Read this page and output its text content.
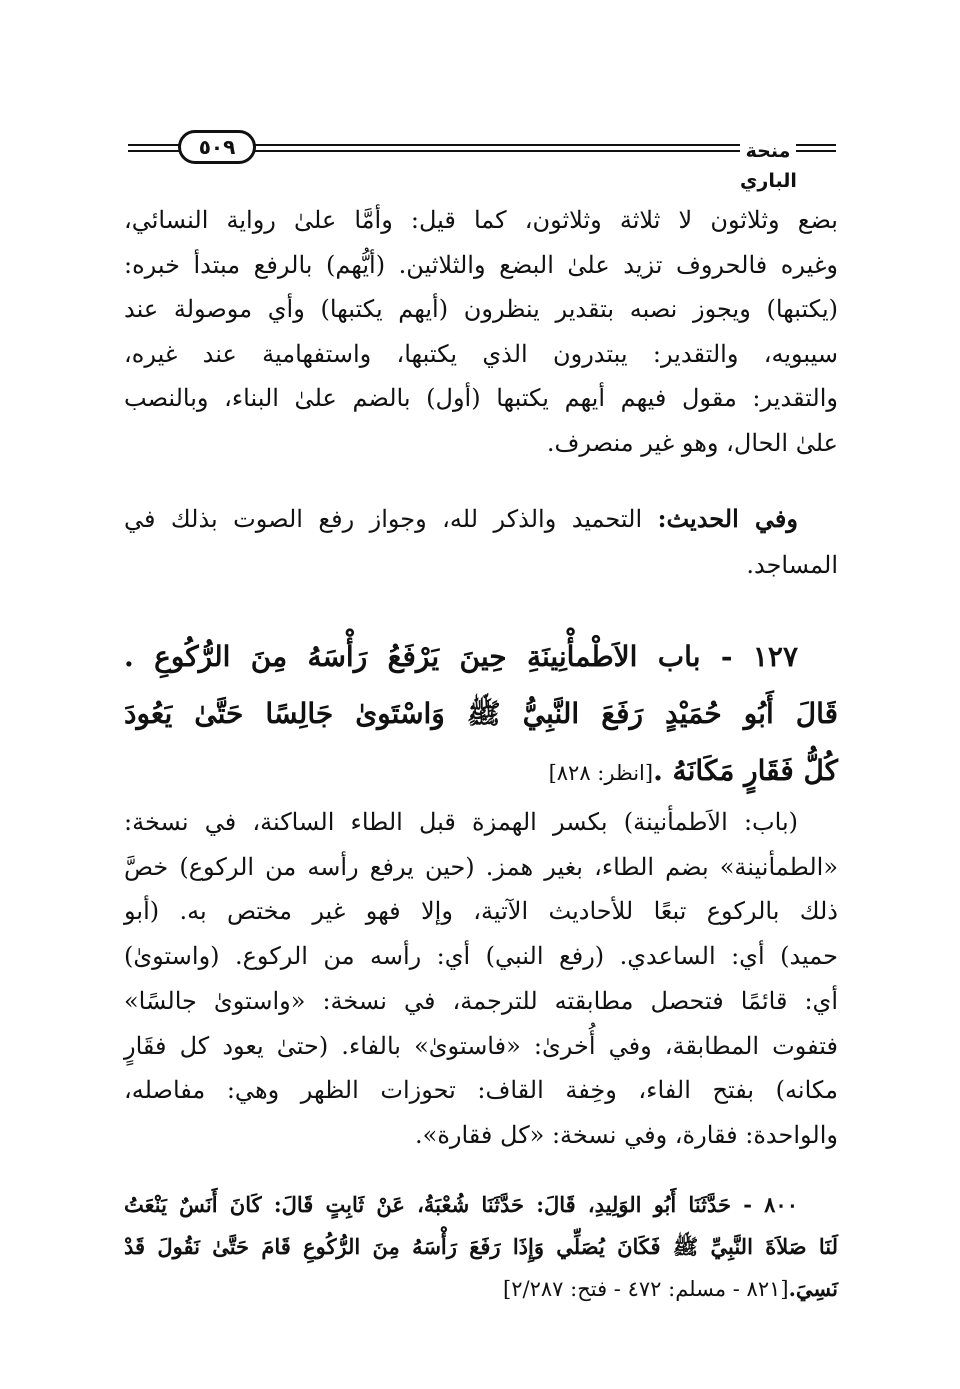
٥٠٩	منحة الباري
بضع وثلاثون لا ثلاثة وثلاثون، كما قيل: وأمَّا علىٰ رواية النسائي،
وغيره فالحروف تزيد علىٰ البضع والثلاثين. (أيُّهم) بالرفع مبتدأ خبره:
(يكتبها) ويجوز نصبه بتقدير ينظرون (أيهم يكتبها) وأي موصولة عند
سيبويه، والتقدير: يبتدرون الذي يكتبها، واستفهامية عند غيره،
والتقدير: مقول فيهم أيهم يكتبها (أول) بالضم علىٰ البناء، وبالنصب
علىٰ الحال، وهو غير منصرف.
وفي الحديث: التحميد والذكر لله، وجواز رفع الصوت بذلك في
المساجد.
١٢٧ - باب الاَطْمأْنِينَةِ حِينَ يَرْفَعُ رَأْسَهُ مِنَ الرُّكُوعِ .
قَالَ أَبُو حُمَيْدٍ رَفَعَ النَّبِيُّ ﷺ وَاسْتَوىٰ جَالِسًا حَتَّىٰ يَعُودَ
كُلُّ فَقَارٍ مَكَانَهُ .[انظر: ٨٢٨]
(باب: الاَطمأنينة) بكسر الهمزة قبل الطاء الساكنة، في نسخة:
«الطمأنينة» بضم الطاء، بغير همز. (حين يرفع رأسه من الركوع) خصَّ
ذلك بالركوع تبعًا للأحاديث الآتية، وإلا فهو غير مختص به. (أبو
حميد) أي: الساعدي. (رفع النبي) أي: رأسه من الركوع. (واستوىٰ)
أي: قائمًا فتحصل مطابقته للترجمة، في نسخة: «واستوىٰ جالسًا»
فتفوت المطابقة، وفي أُخرىٰ: «فاستوىٰ» بالفاء. (حتىٰ يعود كل فقَارٍ
مكانه) بفتح الفاء، وخِفة القاف: تحوزات الظهر وهي: مفاصله،
والواحدة: فقارة، وفي نسخة: «كل فقارة».
٨٠٠ - حَدَّثَنَا أَبُو الوَلِيدِ، قَالَ: حَدَّثَنَا شُعْبَةُ، عَنْ ثَابِتٍ قَالَ: كَانَ أَنَسٌ يَنْعَتُ
لَنَا صَلاَةَ النَّبِيِّ ﷺ فَكَانَ يُصَلِّي وَإِذَا رَفَعَ رَأْسَهُ مِنَ الرُّكُوعِ قَامَ حَتَّىٰ نَقُولَ قَدْ
نَسِيَ.[٨٢١ - مسلم: ٤٧٢ - فتح: ٢/٢٨٧]
